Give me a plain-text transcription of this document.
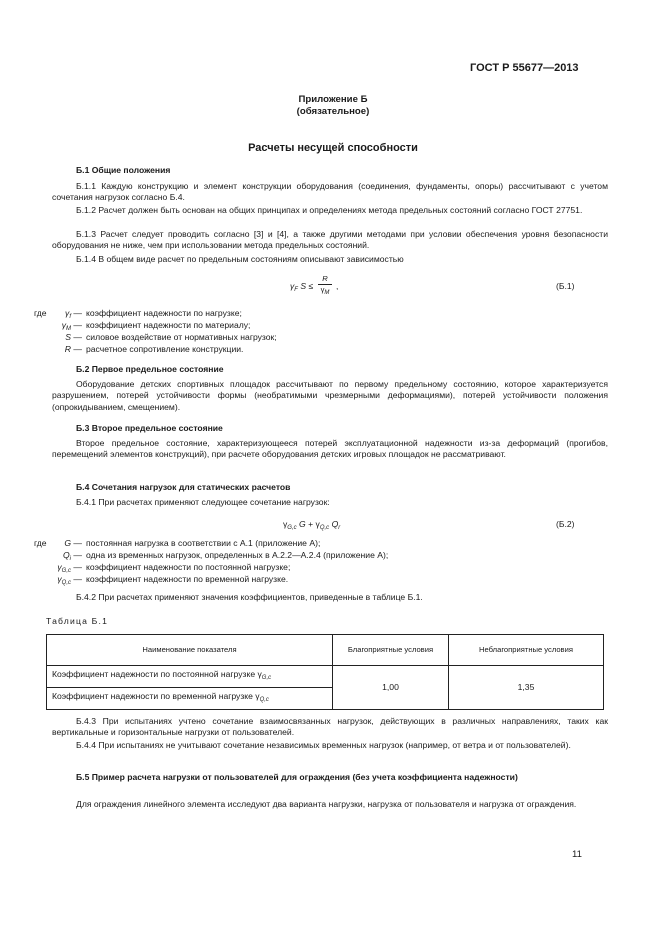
ГОСТ Р 55677—2013
Приложение Б
(обязательное)
Расчеты несущей способности
Б.1 Общие положения
Б.1.1 Каждую конструкцию и элемент конструкции оборудования (соединения, фундаменты, опоры) рассчитывают с учетом сочетания нагрузок согласно Б.4.
Б.1.2 Расчет должен быть основан на общих принципах и определениях метода предельных состояний согласно ГОСТ 27751.
Б.1.3 Расчет следует проводить согласно [3] и [4], а также другими методами при условии обеспечения уровня безопасности оборудования не ниже, чем при использовании метода предельных состояний.
Б.1.4 В общем виде расчет по предельным состояниям описывают зависимостью
$\gamma_F$ S ≤
R
$\gamma_M$
,	(Б.1)
где	$\gamma_f$ — коэффициент надежности по нагрузке;
$\gamma_M$ — коэффициент надежности по материалу;
S — силовое воздействие от нормативных нагрузок;
R — расчетное сопротивление конструкции.
Б.2 Первое предельное состояние
Оборудование детских спортивных площадок рассчитывают по первому предельному состоянию, которое характеризуется разрушением, потерей устойчивости формы (необратимыми чрезмерными деформациями), потерей устойчивости положения (опрокидыванием, смещением).
Б.3 Второе предельное состояние
Второе предельное состояние, характеризующееся потерей эксплуатационной надежности из-за деформаций (прогибов, перемещений элементов конструкций), при расчете оборудования детских игровых площадок не рассматривают.
Б.4 Сочетания нагрузок для статических расчетов
Б.4.1 При расчетах применяют следующее сочетание нагрузок:
$\gamma_{G,c}$ $G + \gamma_{Q,c}$ $Q_r$	(Б.2)
где	G — постоянная нагрузка в соответствии с А.1 (приложение А);
$Q_i$ — одна из временных нагрузок, определенных в А.2.2—А.2.4 (приложение А);
$\gamma_{G,c}$ — коэффициент надежности по постоянной нагрузке;
$\gamma_{Q,c}$ — коэффициент надежности по временной нагрузке.
Б.4.2 При расчетах применяют значения коэффициентов, приведенные в таблице Б.1.
Таблица Б.1
Наименование показателя	Благоприятные условия	Неблагоприятные условия
Коэффициент надежности по постоянной нагрузке $\gamma_{G,c}$	1,00	1,35
Коэффициент надежности по временной нагрузке $\gamma_{Q,c}$
Б.4.3 При испытаниях учтено сочетание взаимосвязанных нагрузок, действующих в различных направлениях, таких как вертикальные и горизонтальные нагрузки от пользователей.
Б.4.4 При испытаниях не учитывают сочетание независимых временных нагрузок (например, от ветра и от пользователей).
Б.5 Пример расчета нагрузки от пользователей для ограждения (без учета коэффициента надежности)
Для ограждения линейного элемента исследуют два варианта нагрузки, нагрузка от пользователя и нагрузка от ограждения.
11
